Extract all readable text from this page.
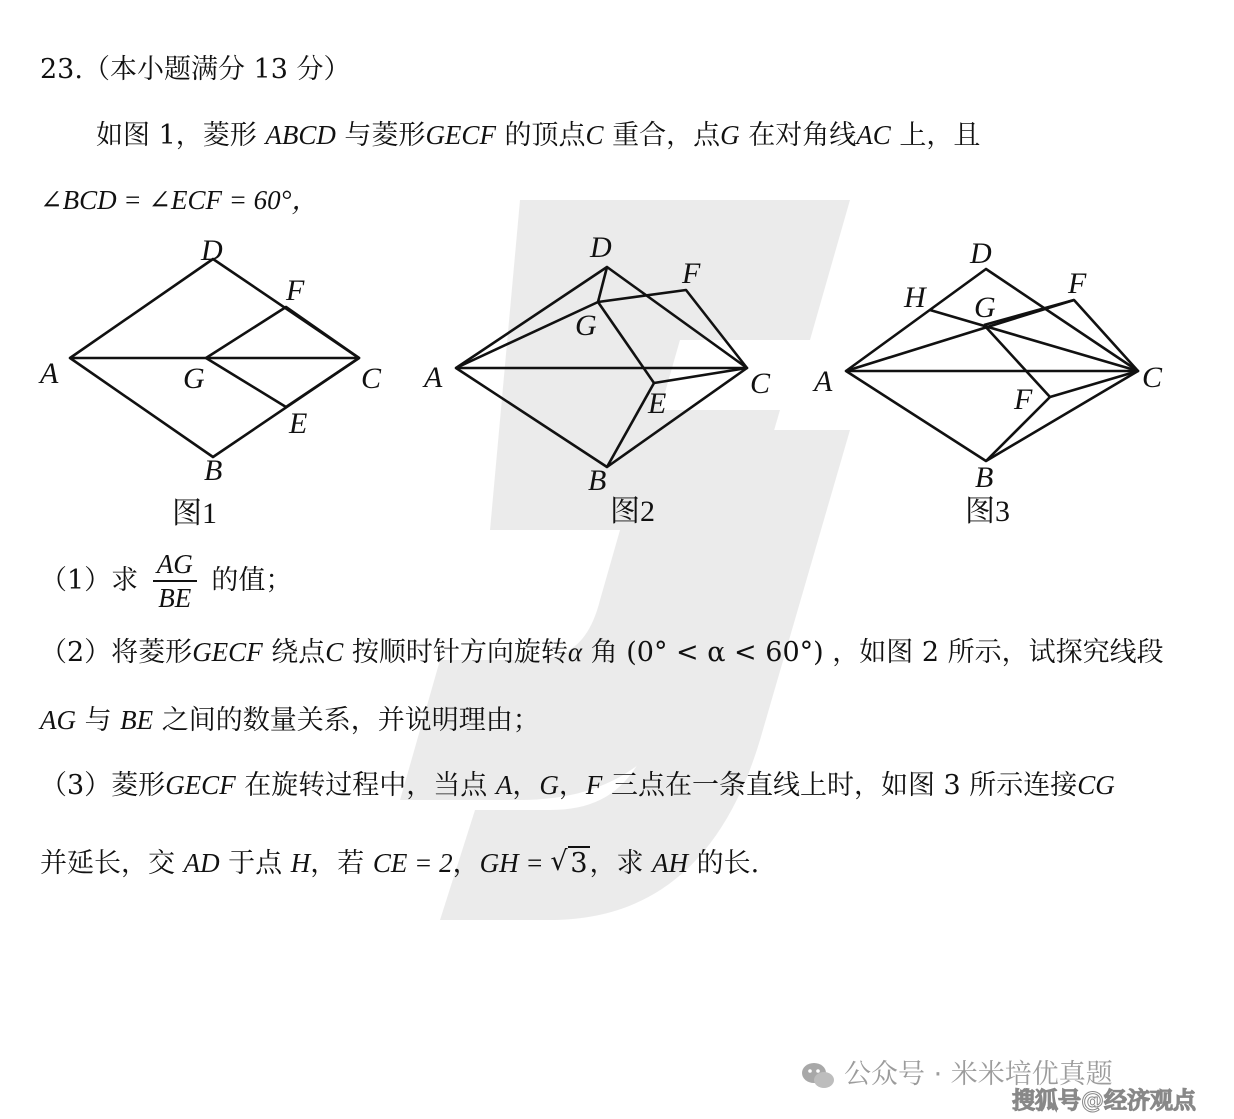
23.（本小题满分 13 分）
如图 1，菱形 ABCD 与菱形GECF 的顶点C 重合，点G 在对角线AC 上，且
∠BCD = ∠ECF = 60°，
A
D
F
G	C
E
B
图1
A
D
F
G
C
E
B
图2
A
D
H G
F
C
F
B
图3
（1）求 $\frac{AG}{BE}$ 的值；
（2）将菱形GECF 绕点C 按顺时针方向旋转α 角 (0° < α < 60°) ，如图 2 所示，试探究线段
AG 与 BE 之间的数量关系，并说明理由；
（3）菱形GECF 在旋转过程中，当点 A，G，F 三点在一条直线上时，如图 3 所示连接CG
并延长，交 AD 于点 H，若 CE = 2，GH = √ 3，求 AH 的长.
公众号 · 米米培优真题
搜狐号@经济观点
